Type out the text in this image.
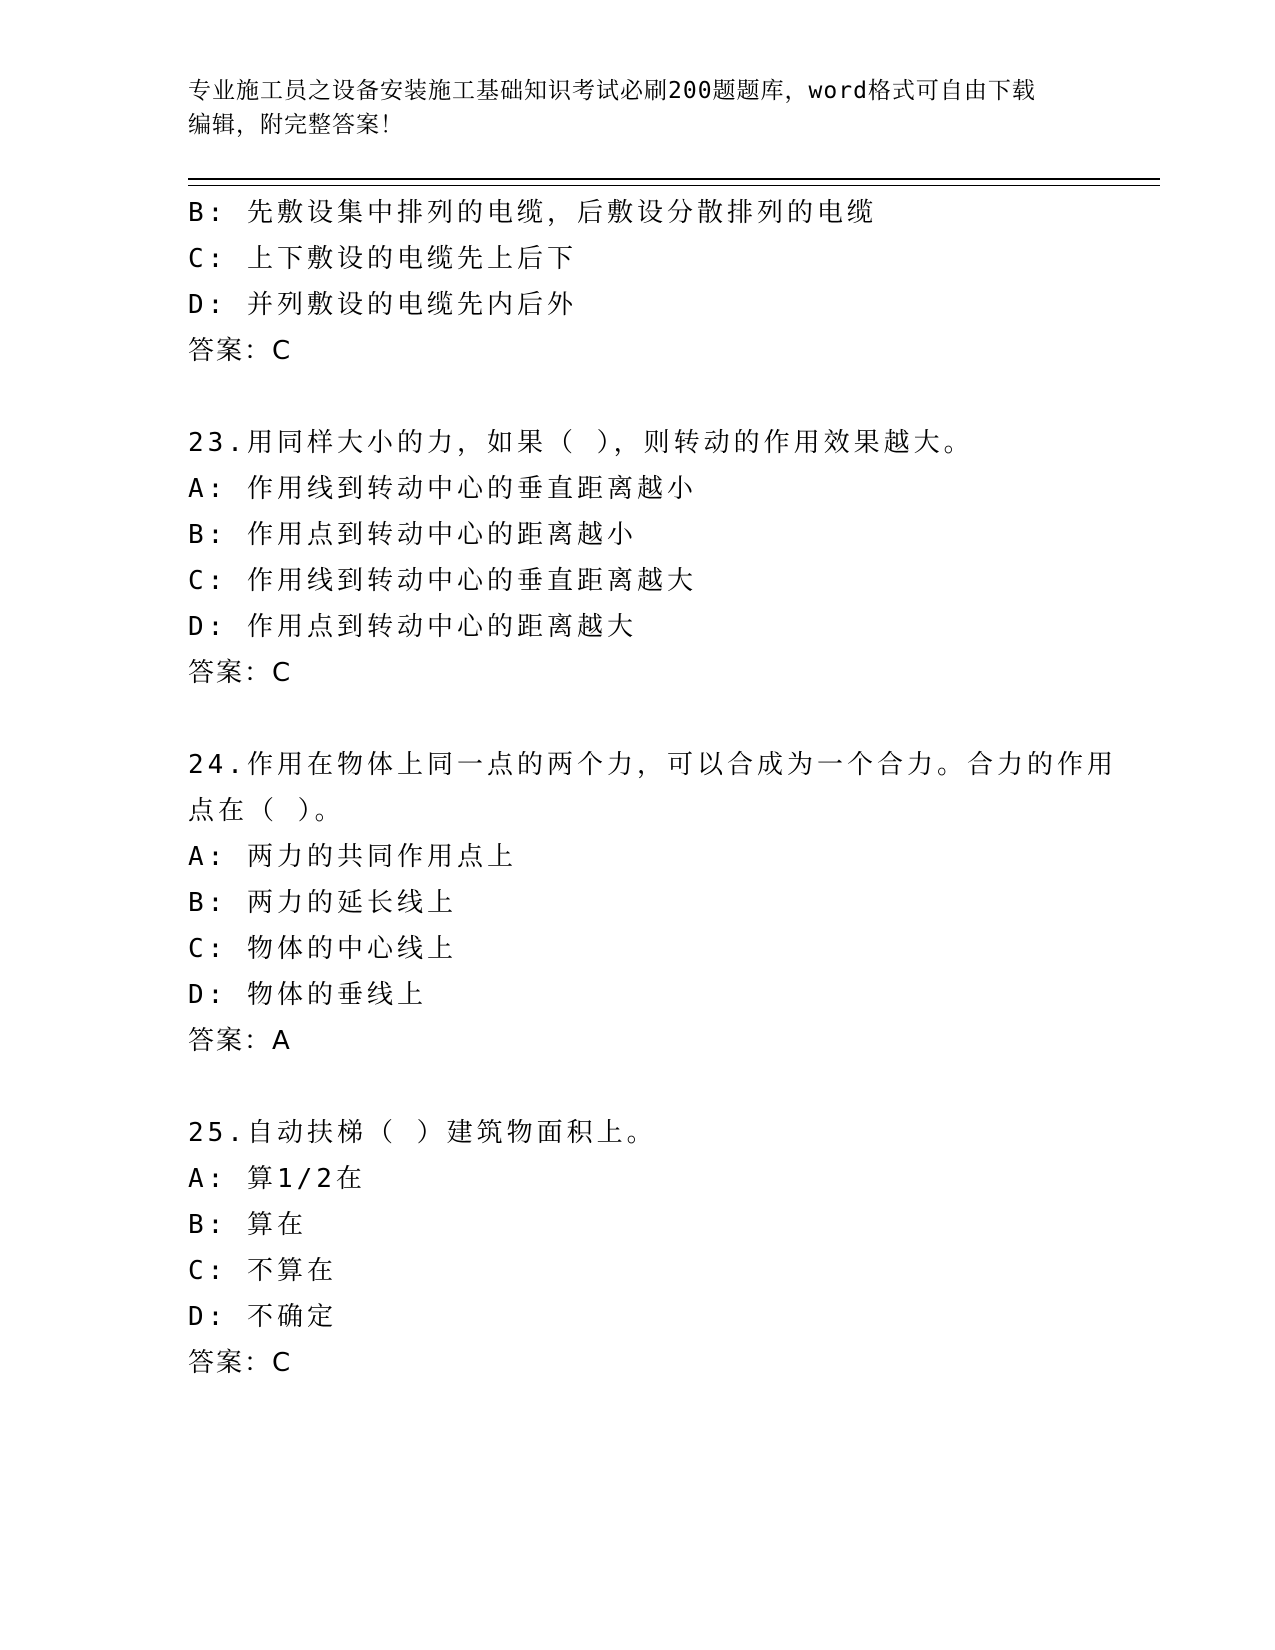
专业施工员之设备安装施工基础知识考试必刷200题题库，word格式可自由下载
编辑，附完整答案！
B: 先敷设集中排列的电缆，后敷设分散排列的电缆
C: 上下敷设的电缆先上后下
D: 并列敷设的电缆先内后外
答案：C
23.用同样大小的力，如果（ ），则转动的作用效果越大。
A: 作用线到转动中心的垂直距离越小
B: 作用点到转动中心的距离越小
C: 作用线到转动中心的垂直距离越大
D: 作用点到转动中心的距离越大
答案：C
24.作用在物体上同一点的两个力，可以合成为一个合力。合力的作用
点在（ ）。
A: 两力的共同作用点上
B: 两力的延长线上
C: 物体的中心线上
D: 物体的垂线上
答案：A
25.自动扶梯（ ）建筑物面积上。
A: 算1/2在
B: 算在
C: 不算在
D: 不确定
答案：C
